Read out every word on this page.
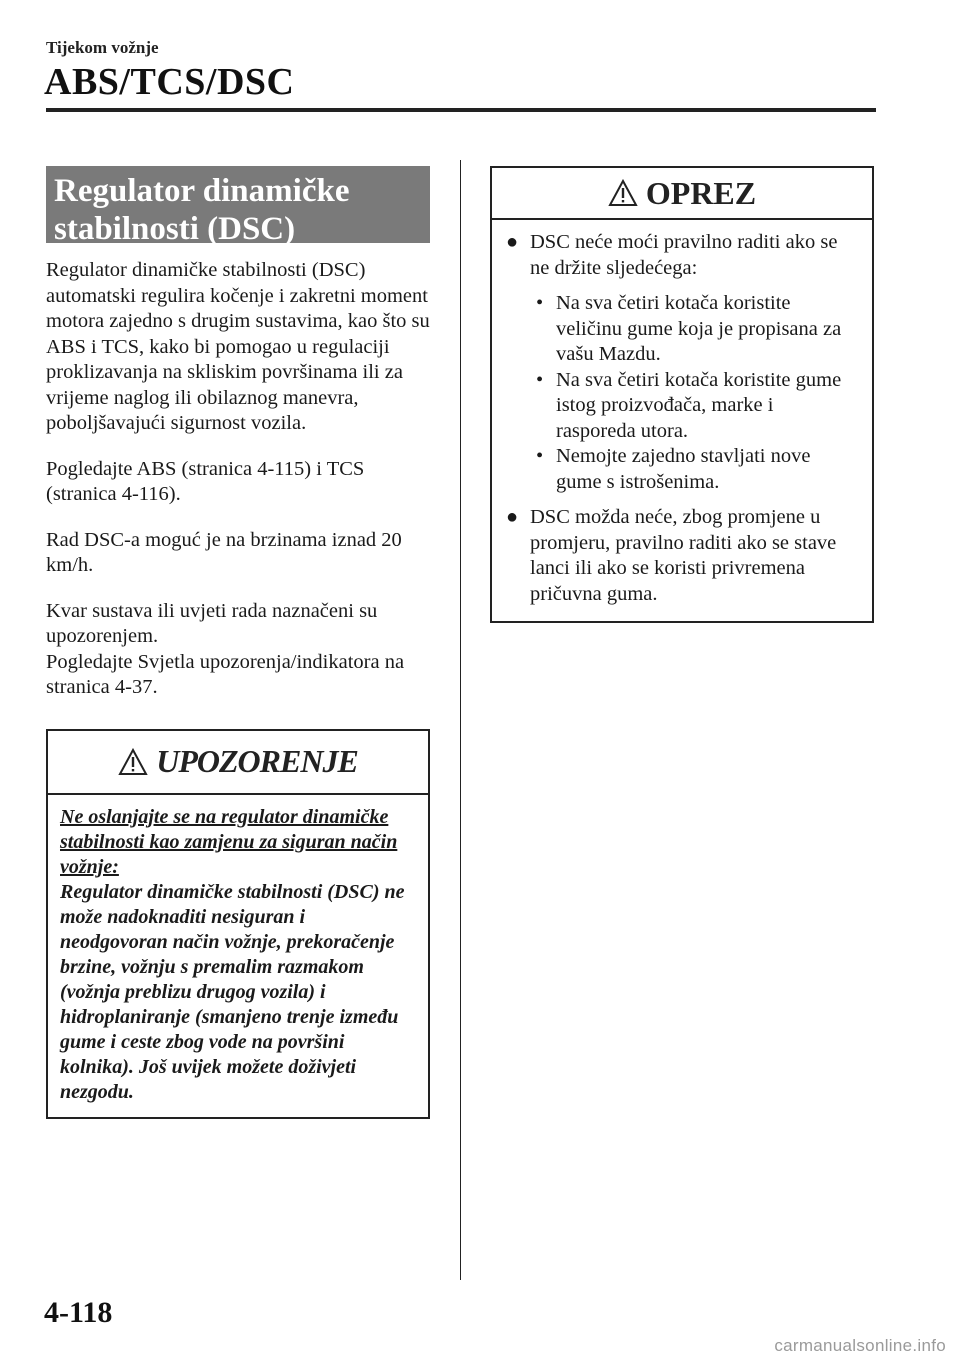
Tijekom vožnje
ABS/TCS/DSC
Regulator dinamičke
stabilnosti (DSC)

Regulator dinamičke stabilnosti (DSC) automatski regulira kočenje i zakretni moment motora zajedno s drugim sustavima, kao što su ABS i TCS, kako bi pomogao u regulaciji proklizavanja na skliskim površinama ili za vrijeme naglog ili obilaznog manevra, poboljšavajući sigurnost vozila.

Pogledajte ABS (stranica 4-115) i TCS (stranica 4-116).

Rad DSC-a moguć je na brzinama iznad 20 km/h.

Kvar sustava ili uvjeti rada naznačeni su upozorenjem.

Pogledajte Svjetla upozorenja/indikatora na stranica 4-37.

UPOZORENJE

Ne oslanjajte se na regulator dinamičke stabilnosti kao zamjenu za siguran način vožnje:

Regulator dinamičke stabilnosti (DSC) ne može nadoknaditi nesiguran i neodgovoran način vožnje, prekoračenje brzine, vožnju s premalim razmakom (vožnja preblizu drugog vozila) i hidroplaniranje (smanjeno trenje između gume i ceste zbog vode na površini kolnika). Još uvijek možete doživjeti nezgodu.

OPREZ
● DSC neće moći pravilno raditi ako se ne držite sljedećega:
• Na sva četiri kotača koristite veličinu gume koja je propisana za vašu Mazdu.
• Na sva četiri kotača koristite gume istog proizvođača, marke i rasporeda utora.
• Nemojte zajedno stavljati nove gume s istrošenima.
● DSC možda neće, zbog promjene u promjeru, pravilno raditi ako se stave lanci ili ako se koristi privremena pričuvna guma.
4-118
carmanualsonline.info
